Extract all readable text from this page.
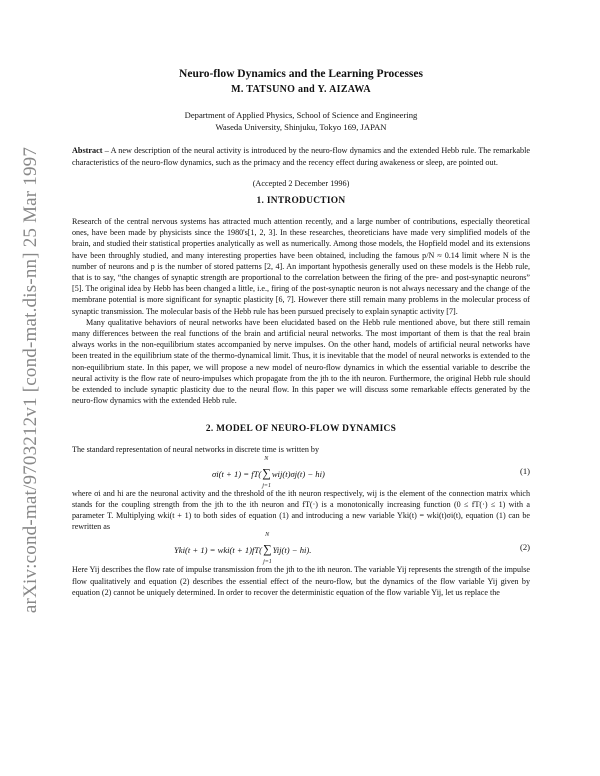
arXiv:cond-mat/9703212v1 [cond-mat.dis-nn] 25 Mar 1997
Neuro-flow Dynamics and the Learning Processes
M. TATSUNO and Y. AIZAWA
Department of Applied Physics, School of Science and Engineering
Waseda University, Shinjuku, Tokyo 169, JAPAN
Abstract – A new description of the neural activity is introduced by the neuro-flow dynamics and the extended Hebb rule. The remarkable characteristics of the neuro-flow dynamics, such as the primacy and the recency effect during awakeness or sleep, are pointed out.
(Accepted 2 December 1996)
1. INTRODUCTION

Research of the central nervous systems has attracted much attention recently, and a large number of contributions, especially theoretical ones, have been made by physicists since the 1980's[1, 2, 3]. In these researches, theoreticians have made very simplified models of the brain, and studied their statistical properties analytically as well as numerically. Among those models, the Hopfield model and its extensions have been throughly studied, and many interesting properties have been obtained, including the famous p/N ≈ 0.14 limit where N is the number of neurons and p is the number of stored patterns [2, 4]. An important hypothesis generally used on these models is the Hebb rule, that is to say, “the changes of synaptic strength are proportional to the correlation between the firing of the pre- and post-synaptic neurons” [5]. The original idea by Hebb has been changed a little, i.e., firing of the post-synaptic neuron is not always necessary and the change of the membrane potential is more significant for synaptic plasticity [6, 7]. However there still remain many problems in the molecular process of synaptic transmission. The molecular basis of the Hebb rule has been pursued precisely to explain synaptic activity [7].

Many qualitative behaviors of neural networks have been elucidated based on the Hebb rule mentioned above, but there still remain many differences between the real functions of the brain and artificial neural networks. The most important of them is that the real brain always works in the non-equilibrium states accompanied by nerve impulses. On the other hand, models of artificial neural networks have been treated in the equilibrium state of the thermo-dynamical limit. Thus, it is inevitable that the model of neural networks is extended to the non-equilibrium state. In this paper, we will propose a new model of neuro-flow dynamics in which the essential variable to describe the neural activity is the flow rate of neuro-impulses which propagate from the jth to the ith neuron. Furthermore, the original Hebb rule should be extended to include synaptic plasticity due to the neural flow. In this paper we will discuss some remarkable effects generated by the neuro-flow dynamics with the extended Hebb rule.

2. MODEL OF NEURO-FLOW DYNAMICS

The standard representation of neural networks in discrete time is written by

σi(t + 1) = fT(∑
N
j=1
wij(t)σj(t) − hi)	(1)

where σi and hi are the neuronal activity and the threshold of the ith neuron respectively, wij is the element of the connection matrix which stands for the coupling strength from the jth to the ith neuron and fT(·) is a monotonically increasing function (0 ≤ fT(·) ≤ 1) with a parameter T. Multiplying wki(t + 1) to both sides of equation (1) and introducing a new variable Yki(t) = wki(t)σi(t), equation (1) can be rewritten as

Yki(t + 1) = wki(t + 1)fT(∑
N
j=1
Yij(t) − hi).	(2)

Here Yij describes the flow rate of impulse transmission from the jth to the ith neuron. The variable Yij represents the strength of the impulse flow qualitatively and equation (2) describes the essential effect of the neuro-flow, but the dynamics of the flow variable Yij given by equation (2) cannot be uniquely determined. In order to recover the deterministic equation of the flow variable Yij, let us replace the
